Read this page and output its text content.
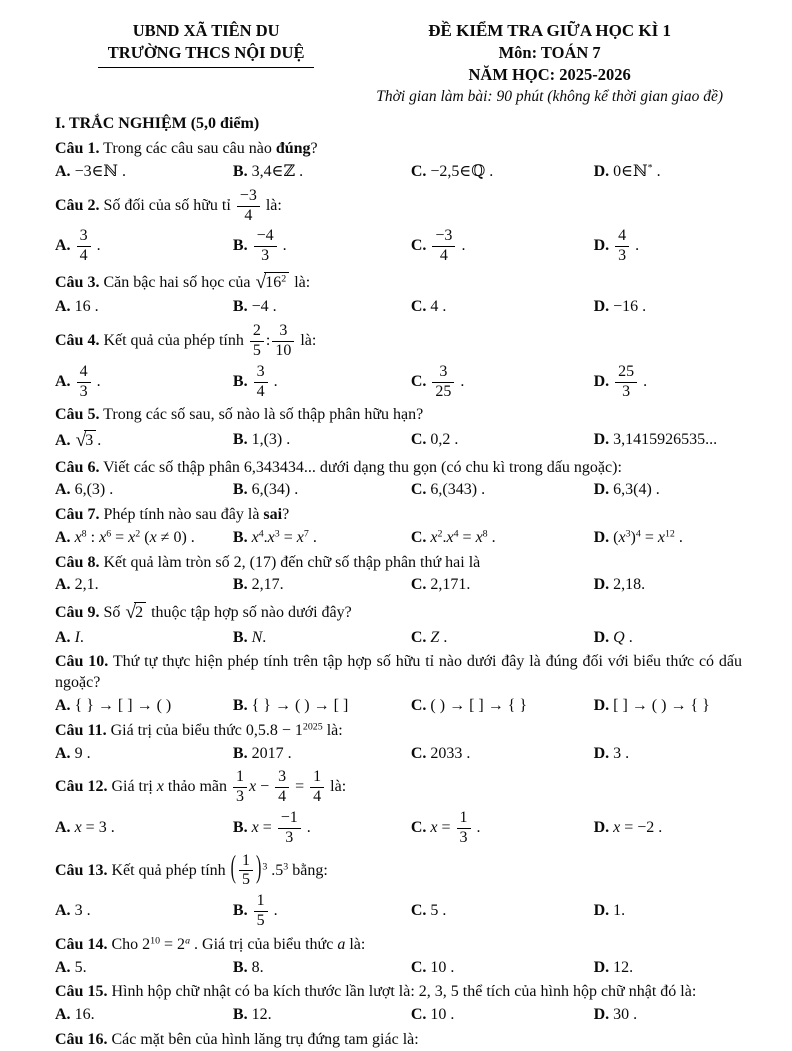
UBND XÃ TIÊN DU
TRƯỜNG THCS NỘI DUỆ
ĐỀ KIỂM TRA GIỮA HỌC KÌ 1
Môn: TOÁN 7
NĂM HỌC: 2025-2026
Thời gian làm bài: 90 phút (không kể thời gian giao đề)
I. TRẮC NGHIỆM (5,0 điểm)
Câu 1. Trong các câu sau câu nào đúng?
A. −3∈ℕ .	B. 3,4∈ℤ .	C. −2,5∈ℚ .	D. 0∈ℕ* .
Câu 2. Số đối của số hữu tỉ $\frac{-3}{4}$ là:
A. $\frac{3}{4}$ .	B. $\frac{-4}{3}$ .	C. $\frac{-3}{4}$ .	D. $\frac{4}{3}$ .
Câu 3. Căn bậc hai số học của $√16^2$ là:
A. 16 .	B. −4 .	C. 4 .	D. −16 .
Câu 4. Kết quả của phép tính $\frac{2}{5}$ : $\frac{3}{10}$ là:
A. $\frac{4}{3}$ .	B. $\frac{3}{4}$ .	C. $\frac{3}{25}$ .	D. $\frac{25}{3}$ .
Câu 5. Trong các số sau, số nào là số thập phân hữu hạn?
A. √3 .	B. 1,(3) .	C. 0,2 .	D. 3,1415926535...
Câu 6. Viết các số thập phân 6,343434... dưới dạng thu gọn (có chu kì trong dấu ngoặc):
A. 6,(3) .	B. 6,(34) .	C. 6,(343) .	D. 6,3(4) .
Câu 7. Phép tính nào sau đây là sai?
A. $x^8$ : $x^6 = x^2$ (x ≠ 0) .	B. $x^4.x^3 = x^7$ .	C. $x^2.x^4 = x^8$ .	D. $(x^3)^4 = x^{12}$ .
Câu 8. Kết quả làm tròn số 2, (17) đến chữ số thập phân thứ hai là
A. 2,1.	B. 2,17.	C. 2,171.	D. 2,18.
Câu 9. Số √2 thuộc tập hợp số nào dưới đây?
A. I.	B. N.	C. Z .	D. Q .
Câu 10. Thứ tự thực hiện phép tính trên tập hợp số hữu tỉ nào dưới đây là đúng đối với biểu thức có dấu ngoặc?
A. { } → [ ] → ( )	B. { } → ( ) → [ ]	C. ( ) → [ ] → { }	D. [ ] → ( ) → { }
Câu 11. Giá trị của biểu thức $0,5.8 - 1^{2025}$ là:
A. 9 .	B. 2017 .	C. 2033 .	D. 3 .
Câu 12. Giá trị x thảo mãn $\frac{1}{3}$ $x - \frac{3}{4} = \frac{1}{4}$ là:
A. x = 3 .	B. $x = \frac{-1}{3}$ .	C. $x = \frac{1}{3}$ .	D. x = −2 .
Câu 13. Kết quả phép tính ( $\frac{1}{5} )^3$ $.5^3$ bằng:
A. 3 .	B. $\frac{1}{5}$ .	C. 5 .	D. 1.
Câu 14. Cho $2^{10} = 2^a$ . Giá trị của biểu thức a là:
A. 5.	B. 8.	C. 10 .	D. 12.
Câu 15. Hình hộp chữ nhật có ba kích thước lần lượt là: 2, 3, 5 thể tích của hình hộp chữ nhật đó là:
A. 16.	B. 12.	C. 10 .	D. 30 .
Câu 16. Các mặt bên của hình lăng trụ đứng tam giác là:
